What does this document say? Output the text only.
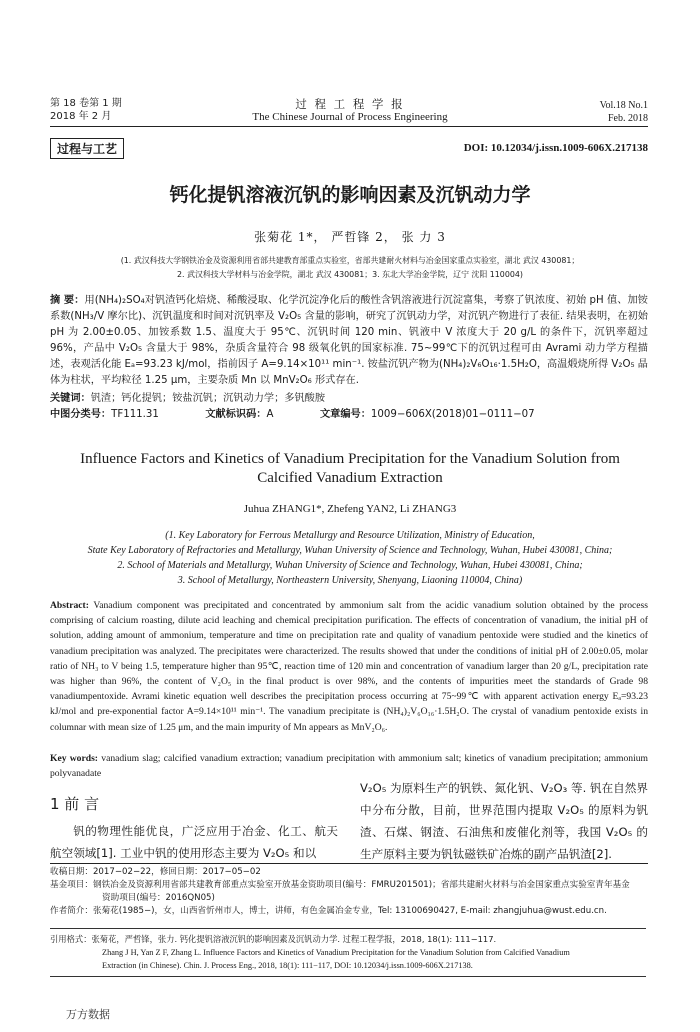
第 18 卷第 1 期
2018 年 2 月
过 程 工 程 学 报
The Chinese Journal of Process Engineering
Vol.18 No.1
Feb. 2018
过程与工艺	DOI: 10.12034/j.issn.1009-606X.217138
钙化提钒溶液沉钒的影响因素及沉钒动力学
张菊花 1*， 严哲锋 2， 张 力 3
(1. 武汉科技大学钢铁冶金及资源利用省部共建教育部重点实验室，省部共建耐火材料与冶金国家重点实验室，湖北 武汉 430081；
2. 武汉科技大学材料与冶金学院，湖北 武汉 430081；3. 东北大学冶金学院，辽宁 沈阳 110004)
摘 要：用(NH₄)₂SO₄对钒渣钙化焙烧、稀酸浸取、化学沉淀净化后的酸性含钒溶液进行沉淀富集，考察了钒浓度、初始 pH 值、加铵系数(NH₃/V 摩尔比)、沉钒温度和时间对沉钒率及 V₂O₅ 含量的影响，研究了沉钒动力学，对沉钒产物进行了表征. 结果表明，在初始 pH 为 2.00±0.05、加铵系数 1.5、温度大于 95℃、沉钒时间 120 min、钒液中 V 浓度大于 20 g/L 的条件下，沉钒率超过 96%，产品中 V₂O₅ 含量大于 98%，杂质含量符合 98 级氧化钒的国家标准. 75~99℃下的沉钒过程可由 Avrami 动力学方程描述，表观活化能 Eₐ=93.23 kJ/mol，指前因子 A=9.14×10¹¹ min⁻¹. 铵盐沉钒产物为(NH₄)₂V₆O₁₆·1.5H₂O，高温煅烧所得 V₂O₅ 晶体为柱状，平均粒径 1.25 μm，主要杂质 Mn 以 MnV₂O₆ 形式存在.
关键词：钒渣；钙化提钒；铵盐沉钒；沉钒动力学；多钒酸胺
中图分类号：TF111.31	文献标识码：A	文章编号：1009−606X(2018)01−0111−07
Influence Factors and Kinetics of Vanadium Precipitation for the Vanadium Solution from
Calcified Vanadium Extraction
Juhua ZHANG1*, Zhefeng YAN2, Li ZHANG3
(1. Key Laboratory for Ferrous Metallurgy and Resource Utilization, Ministry of Education,
State Key Laboratory of Refractories and Metallurgy, Wuhan University of Science and Technology, Wuhan, Hubei 430081, China;
2. School of Materials and Metallurgy, Wuhan University of Science and Technology, Wuhan, Hubei 430081, China;
3. School of Metallurgy, Northeastern University, Shenyang, Liaoning 110004, China)
Abstract: Vanadium component was precipitated and concentrated by ammonium salt from the acidic vanadium solution obtained by the process comprising of calcium roasting, dilute acid leaching and chemical precipitation purification. The effects of concentration of vanadium, the initial pH of solution, adding amount of ammonium, temperature and time on precipitation rate and quality of vanadium pentoxide were studied and the kinetics of vanadium precipitation was analyzed. The precipitates were characterized. The results showed that under the conditions of initial pH of 2.00±0.05, molar ratio of NH₃ to V being 1.5, temperature higher than 95℃, reaction time of 120 min and concentration of vanadium larger than 20 g/L, precipitation rate was higher than 96%, the content of V₂O₅ in the final product is over 98%, and the contents of impurities meet the standards of Grade 98 vanadiumpentoxide. Avrami kinetic equation well describes the precipitation process occurring at 75~99℃ with apparent activation energy Eₐ=93.23 kJ/mol and pre-exponential factor A=9.14×10¹¹ min⁻¹. The vanadium precipitate is (NH₄)₂V₆O₁₆·1.5H₂O. The crystal of vanadium pentoxide exists in columnar with mean size of 1.25 μm, and the main impurity of Mn appears as MnV₂O₆.
Key words: vanadium slag; calcified vanadium extraction; vanadium precipitation with ammonium salt; kinetics of vanadium precipitation; ammonium polyvanadate
1 前 言
钒的物理性能优良，广泛应用于冶金、化工、航天航空领域[1]. 工业中钒的使用形态主要为 V₂O₅ 和以
V₂O₅ 为原料生产的钒铁、氮化钒、V₂O₃ 等. 钒在自然界中分布分散，目前，世界范围内提取 V₂O₅ 的原料为钒渣、石煤、钢渣、石油焦和废催化剂等，我国 V₂O₅ 的生产原料主要为钒钛磁铁矿冶炼的副产品钒渣[2].
收稿日期：2017−02−22，修回日期：2017−05−02
基金项目：钢铁冶金及资源利用省部共建教育部重点实验室开放基金资助项目(编号：FMRU201501)；省部共建耐火材料与冶金国家重点实验室青年基金
资助项目(编号：2016QN05)
作者简介：张菊花(1985−)，女，山西省忻州市人，博士，讲师，有色金属冶金专业，Tel: 13100690427, E-mail: zhangjuhua@wust.edu.cn.
引用格式：张菊花，严哲锋，张力. 钙化提钒溶液沉钒的影响因素及沉钒动力学. 过程工程学报，2018, 18(1): 111−117.
Zhang J H, Yan Z F, Zhang L. Influence Factors and Kinetics of Vanadium Precipitation for the Vanadium Solution from Calcified Vanadium
Extraction (in Chinese). Chin. J. Process Eng., 2018, 18(1): 111−117, DOI: 10.12034/j.issn.1009-606X.217138.
万方数据
